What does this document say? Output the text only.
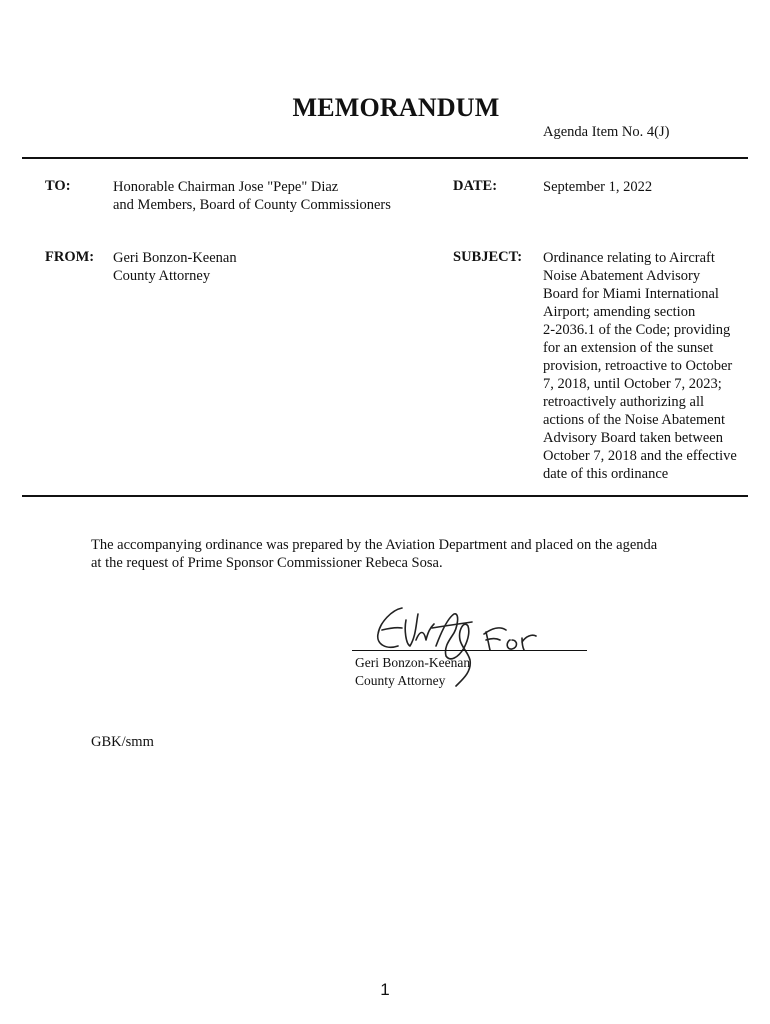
MEMORANDUM
Agenda Item No. 4(J)
TO:	Honorable Chairman Jose "Pepe" Diaz
and Members, Board of County Commissioners
DATE:	September 1, 2022
FROM: Geri Bonzon-Keenan
County Attorney
SUBJECT: Ordinance relating to Aircraft
Noise Abatement Advisory
Board for Miami International
Airport; amending section
2-2036.1 of the Code; providing
for an extension of the sunset
provision, retroactive to October
7, 2018, until October 7, 2023;
retroactively authorizing all
actions of the Noise Abatement
Advisory Board taken between
October 7, 2018 and the effective
date of this ordinance
The accompanying ordinance was prepared by the Aviation Department and placed on the agenda
at the request of Prime Sponsor Commissioner Rebeca Sosa.
Geri Bonzon-Keenan
County Attorney
GBK/smm
1
